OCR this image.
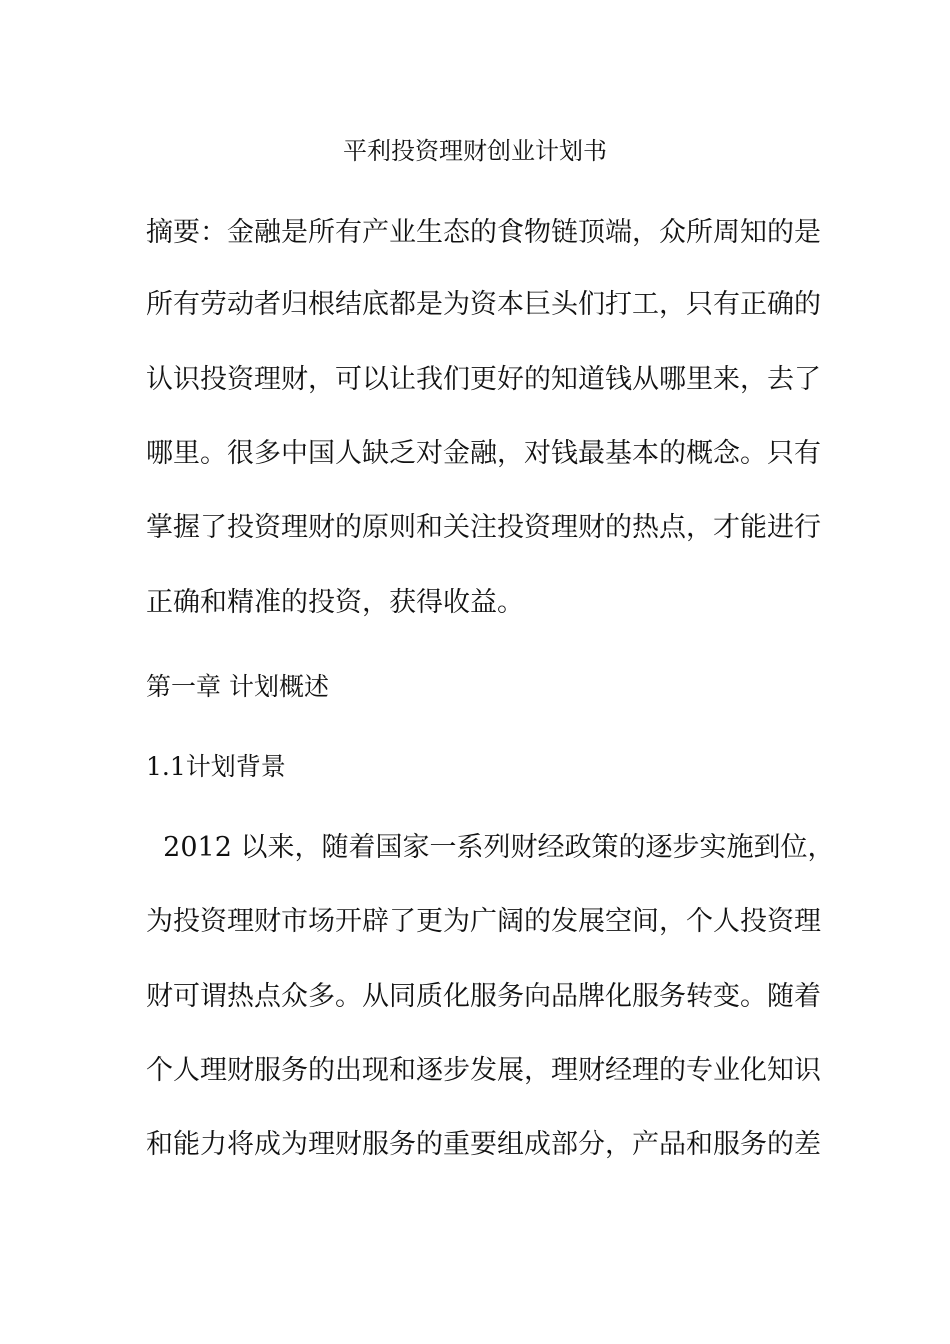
平利投资理财创业计划书
摘要：金融是所有产业生态的食物链顶端，众所周知的是
所有劳动者归根结底都是为资本巨头们打工，只有正确的
认识投资理财，可以让我们更好的知道钱从哪里来，去了
哪里。很多中国人缺乏对金融，对钱最基本的概念。只有
掌握了投资理财的原则和关注投资理财的热点，才能进行
正确和精准的投资，获得收益。
第一章 计划概述
1.1计划背景
2012 以来，随着国家一系列财经政策的逐步实施到位，
为投资理财市场开辟了更为广阔的发展空间，个人投资理
财可谓热点众多。从同质化服务向品牌化服务转变。随着
个人理财服务的出现和逐步发展，理财经理的专业化知识
和能力将成为理财服务的重要组成部分，产品和服务的差
